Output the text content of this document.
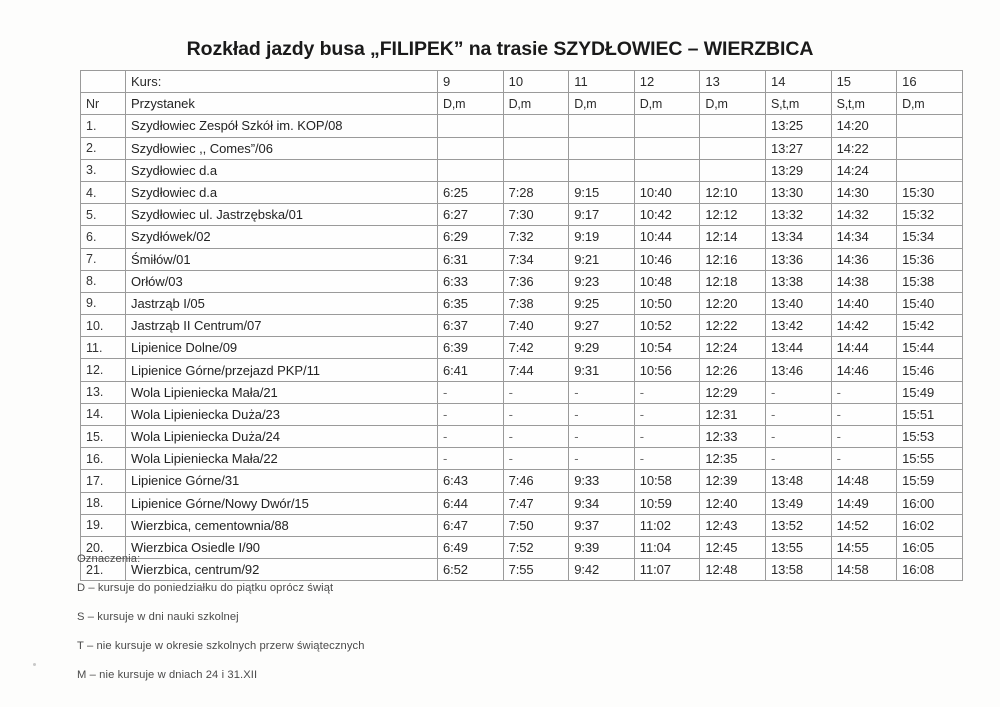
Rozkład jazdy busa „FILIPEK” na trasie SZYDŁOWIEC – WIERZBICA
	Kurs:	9	10	11	12	13	14	15	16
Nr	Przystanek	D,m	D,m	D,m	D,m	D,m	S,t,m	S,t,m	D,m
1.	Szydłowiec Zespół Szkół im. KOP/08						13:25	14:20	
2.	Szydłowiec ,, Comes”/06						13:27	14:22	
3.	Szydłowiec d.a						13:29	14:24	
4.	Szydłowiec d.a	6:25	7:28	9:15	10:40	12:10	13:30	14:30	15:30
5.	Szydłowiec ul. Jastrzębska/01	6:27	7:30	9:17	10:42	12:12	13:32	14:32	15:32
6.	Szydłówek/02	6:29	7:32	9:19	10:44	12:14	13:34	14:34	15:34
7.	Śmiłów/01	6:31	7:34	9:21	10:46	12:16	13:36	14:36	15:36
8.	Orłów/03	6:33	7:36	9:23	10:48	12:18	13:38	14:38	15:38
9.	Jastrząb I/05	6:35	7:38	9:25	10:50	12:20	13:40	14:40	15:40
10.	Jastrząb II Centrum/07	6:37	7:40	9:27	10:52	12:22	13:42	14:42	15:42
11.	Lipienice Dolne/09	6:39	7:42	9:29	10:54	12:24	13:44	14:44	15:44
12.	Lipienice Górne/przejazd PKP/11	6:41	7:44	9:31	10:56	12:26	13:46	14:46	15:46
13.	Wola Lipieniecka Mała/21	-	-	-	-	12:29	-	-	15:49
14.	Wola Lipieniecka Duża/23	-	-	-	-	12:31	-	-	15:51
15.	Wola Lipieniecka Duża/24	-	-	-	-	12:33	-	-	15:53
16.	Wola Lipieniecka Mała/22	-	-	-	-	12:35	-	-	15:55
17.	Lipienice Górne/31	6:43	7:46	9:33	10:58	12:39	13:48	14:48	15:59
18.	Lipienice Górne/Nowy Dwór/15	6:44	7:47	9:34	10:59	12:40	13:49	14:49	16:00
19.	Wierzbica, cementownia/88	6:47	7:50	9:37	11:02	12:43	13:52	14:52	16:02
20.	Wierzbica Osiedle I/90	6:49	7:52	9:39	11:04	12:45	13:55	14:55	16:05
21.	Wierzbica, centrum/92	6:52	7:55	9:42	11:07	12:48	13:58	14:58	16:08
Oznaczenia:
D – kursuje do poniedziałku do piątku oprócz świąt
S – kursuje w dni nauki szkolnej
T – nie kursuje w okresie szkolnych przerw świątecznych
M – nie kursuje w dniach 24 i 31.XII
